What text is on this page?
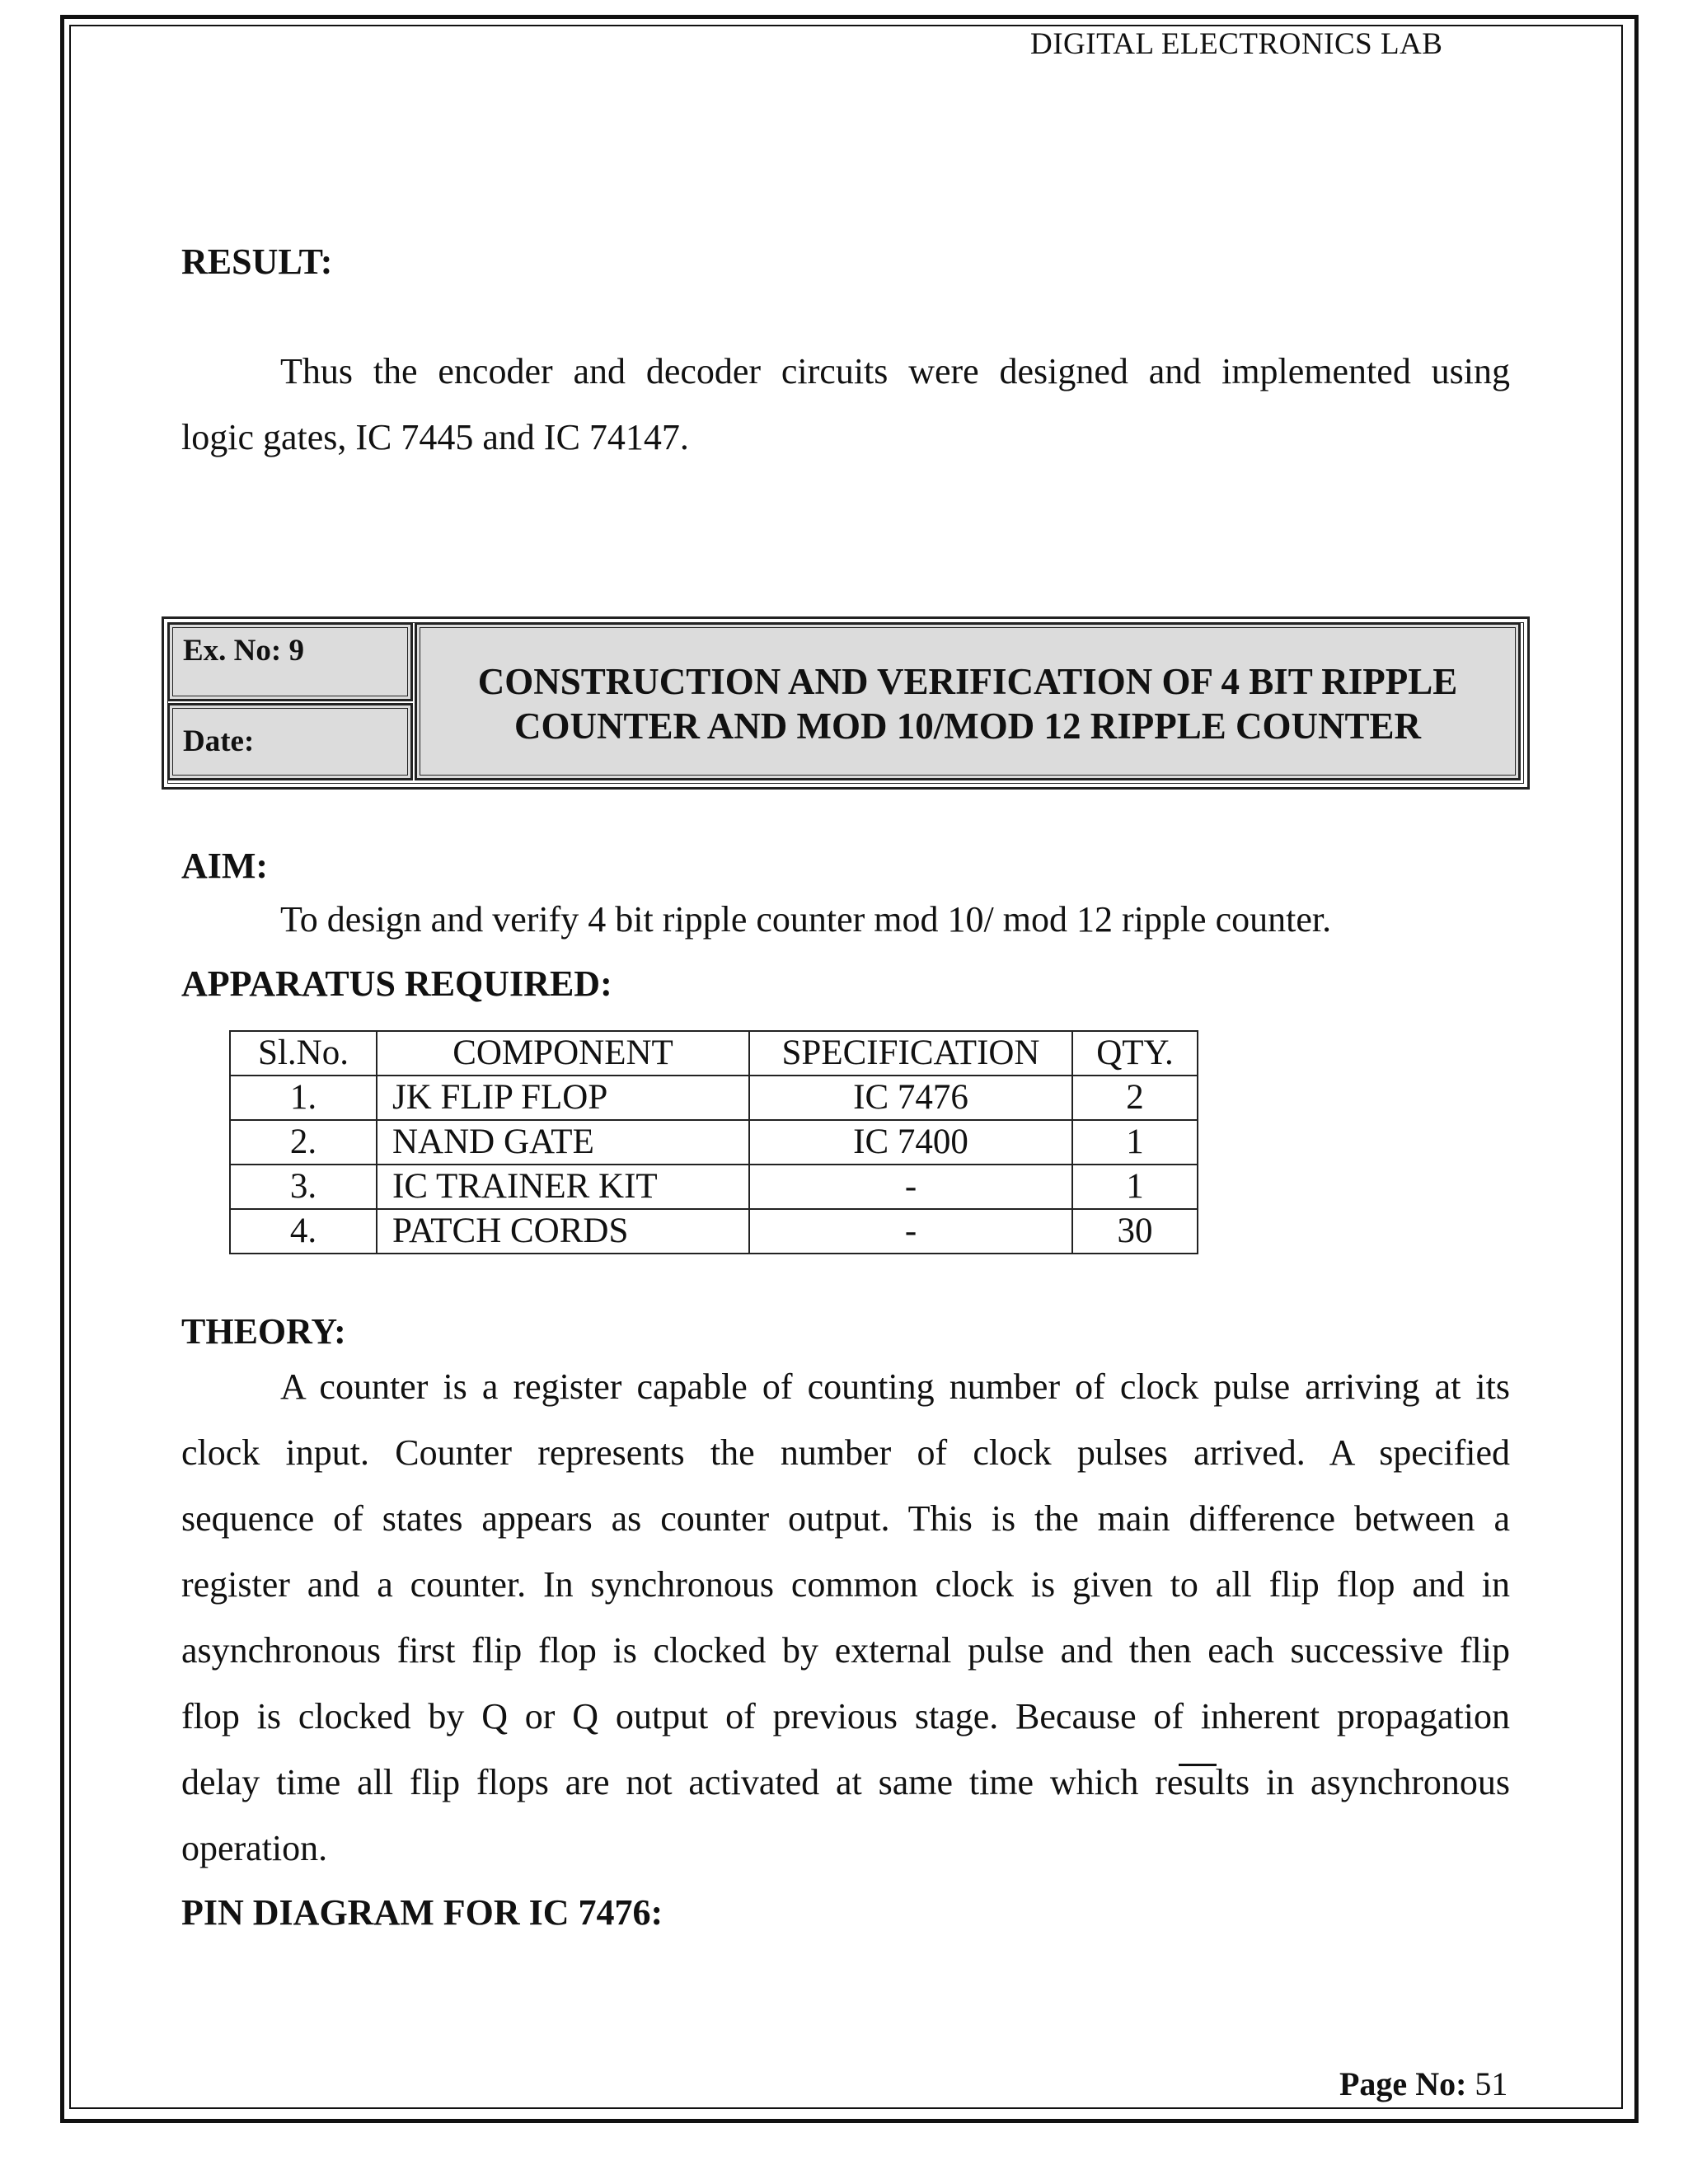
DIGITAL ELECTRONICS LAB
RESULT:
Thus the encoder and decoder circuits were designed and implemented using
logic gates, IC 7445 and IC 74147.
Ex. No: 9
Date:
CONSTRUCTION AND VERIFICATION OF 4 BIT RIPPLE
COUNTER AND MOD 10/MOD 12 RIPPLE COUNTER
AIM:
To design and verify 4 bit ripple counter mod 10/ mod 12 ripple counter.
APPARATUS REQUIRED:
Sl.No.	COMPONENT	SPECIFICATION	QTY.
1.	JK FLIP FLOP	IC 7476	2
2.	NAND GATE	IC 7400	1
3.	IC TRAINER KIT	-	1
4.	PATCH CORDS	-	30
THEORY:
A counter is a register capable of counting number of clock pulse arriving at its
clock input. Counter represents the number of clock pulses arrived. A specified
sequence of states appears as counter output. This is the main difference between a
register and a counter. In synchronous common clock is given to all flip flop and in
asynchronous first flip flop is clocked by external pulse and then each successive flip
flop is clocked by Q or Q output of previous stage. Because of inherent propagation
delay time all flip flops are not activated at same time which results in asynchronous
operation.
PIN DIAGRAM FOR IC 7476:
Page No: 51
